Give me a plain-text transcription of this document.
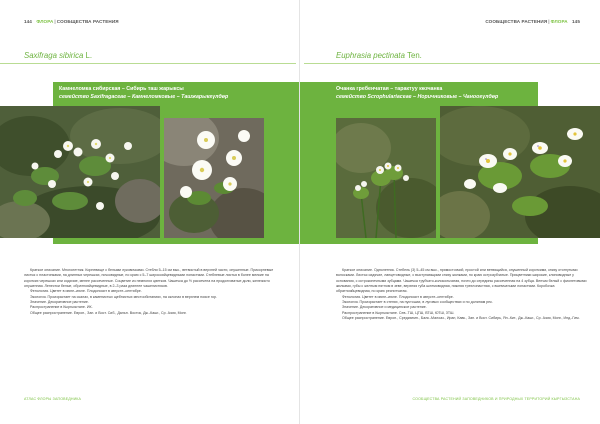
144 ФЛОРА|СООБЩЕСТВА РАСТЕНИЯ
Saxifraga sibirica L.
Камнеломка сибирская – Сибирь таш жарыксы
семейство Saxifragaceae – Камнеломковые – Ташжарыкгүлдөр

Краткое описание. Многолетник. Корневище с белыми луковичками. Стебли 5–15 см выс., ветвистый в верхней части, опушенные. Прикорневые листья с пластинками, на длинных черешках, почковидные, по краю с 5–7 широкояйцевидными лопастями. Стеблевые листья в более мелкие на коротких черешках или сидячие, менее рассеченные. Соцветие из немногих цветков. Чашечка до ½ рассечена на продолговатые доли, железисто опушенная. Лепестки белые, обратнояйцевидные, в 2–3 раза длиннее чашелистиков.

Фенология. Цветет в июне–июле. Плодоносит в августе–сентябре.

Экология. Произрастает на скалах, в каменистых щебнистых местообитаниях, на склонах в верхнем поясе гор.

Значение. Декоративное растение.

Распространение в Кыргызстане. ИК.

Общее распространение. Европ., Зап. и Вост. Сиб., Дальн. Восток, Дж.-Кашг., Ср. Азия, Монг.

АТЛАС ФЛОРЫ ЗАПОВЕДНИКА
СООБЩЕСТВА РАСТЕНИЯ|ФЛОРА 145
Euphrasia pectinata Ten.
Очанка гребенчатая – тарактуу көзчанка
семейство Scrophulariaceae – Норичниковые – Чаноогүлдөр

Краткое описание. Однолетник. Стебель (3) 5–45 см выс., прямостоячий, простой или ветвящийся, опушенный короткими, книзу отогнутыми волосками. Листья сидячие, ланцетовидные, с выступающими снизу жилками, по краю острозубчатые. Прицветники широкие, клиновидные у основания, с остроконечными зубцами. Чашечка трубчато-колокольчатая, почти до середины рассеченная на 4 зубца. Венчик белый с фиолетовыми жилками, губы с желтым пятном в зеве, верхняя губа шлемовидная, нижняя трехлопастная, с выемчатыми лопастями. Коробочка обратнояйцевидная, по краю реснитчатая.

Фенология. Цветет в июне–июле. Плодоносит в августе–сентябре.

Экология. Произрастает в степях, на пустошах, в луговых сообществах и по долинам рек.

Значение. Декоративное и медицинское растение.

Распространение в Кыргызстане. Сев.-ТШ, ЦТШ, ВТШ, ЮТШ, ЗТШ.

Общее распространение. Европ., Средиземн., Балк.-Малоаз., Иран, Кавк., Зап. и Вост. Сибирь, Ян.-Кит., Дж.-Кашг., Ср. Азия, Монг., Инд.-Гим.

СООБЩЕСТВА РАСТЕНИЙ ЗАПОВЕДНИКОВ И ПРИРОДНЫХ ТЕРРИТОРИЙ КЫРГЫЗСТАНА
